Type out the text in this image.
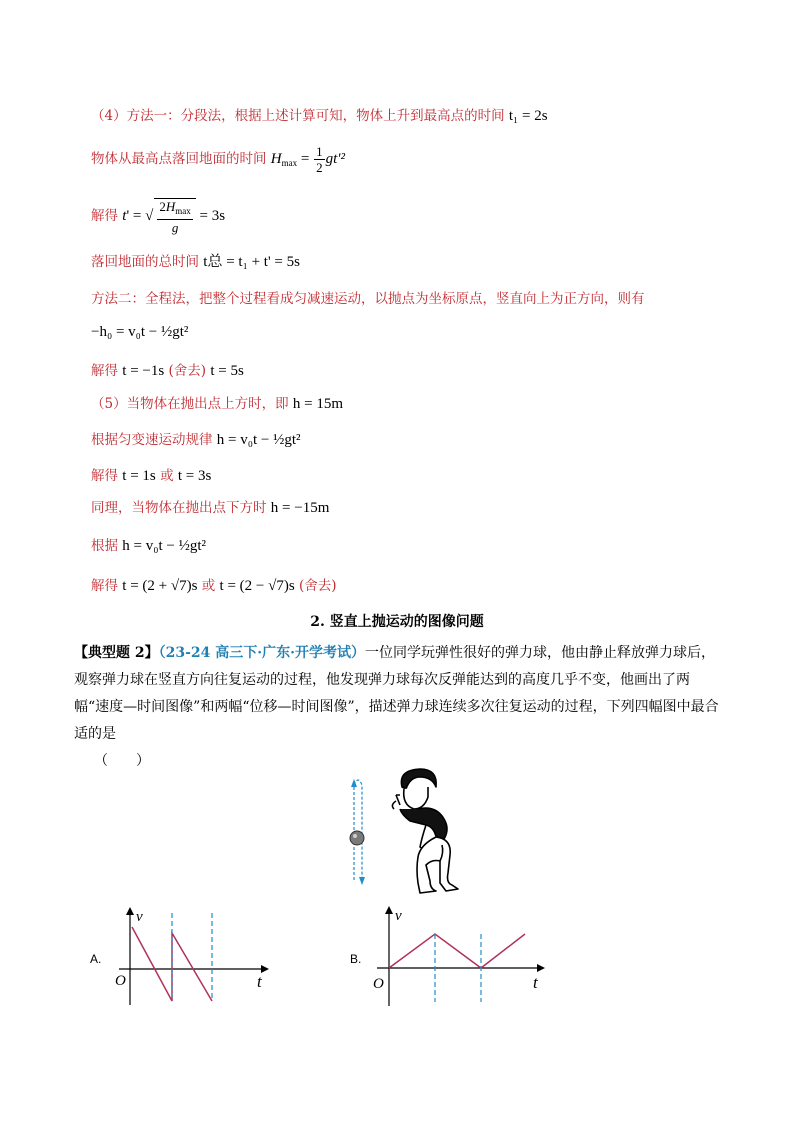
（4）方法一：分段法，根据上述计算可知，物体上升到最高点的时间 t₁ = 2s
物体从最高点落回地面的时间 $H_{max} = \frac{1}{2} gt'^2$
解得 t' = √ $\frac{2H_{max}}{g} = 3s$
落回地面的总时间 t总 = t₁ + t' = 5s
方法二：全程法，把整个过程看成匀减速运动，以抛点为坐标原点，竖直向上为正方向，则有
−h₀ = v₀t − ½gt²
解得 t = −1s (舍去) t = 5s
（5）当物体在抛出点上方时，即 h = 15m
根据匀变速运动规律 h = v₀t − ½gt²
解得 t = 1s 或 t = 3s
同理，当物体在抛出点下方时 h = −15m
根据 h = v₀t − ½gt²
解得 t = (2 + √7)s 或 t = (2 − √7)s (舍去)
2. 竖直上抛运动的图像问题
【典型题 2】（23-24 高三下·广东·开学考试）一位同学玩弹性很好的弹力球，他由静止释放弹力球后，观察弹力球在竖直方向往复运动的过程，他发现弹力球每次反弹能达到的高度几乎不变，他画出了两幅“速度—时间图像”和两幅“位移—时间图像”，描述弹力球连续多次往复运动的过程，下列四幅图中最合适的是
（　　）
A.
v
t
O
B.
v
t
O
